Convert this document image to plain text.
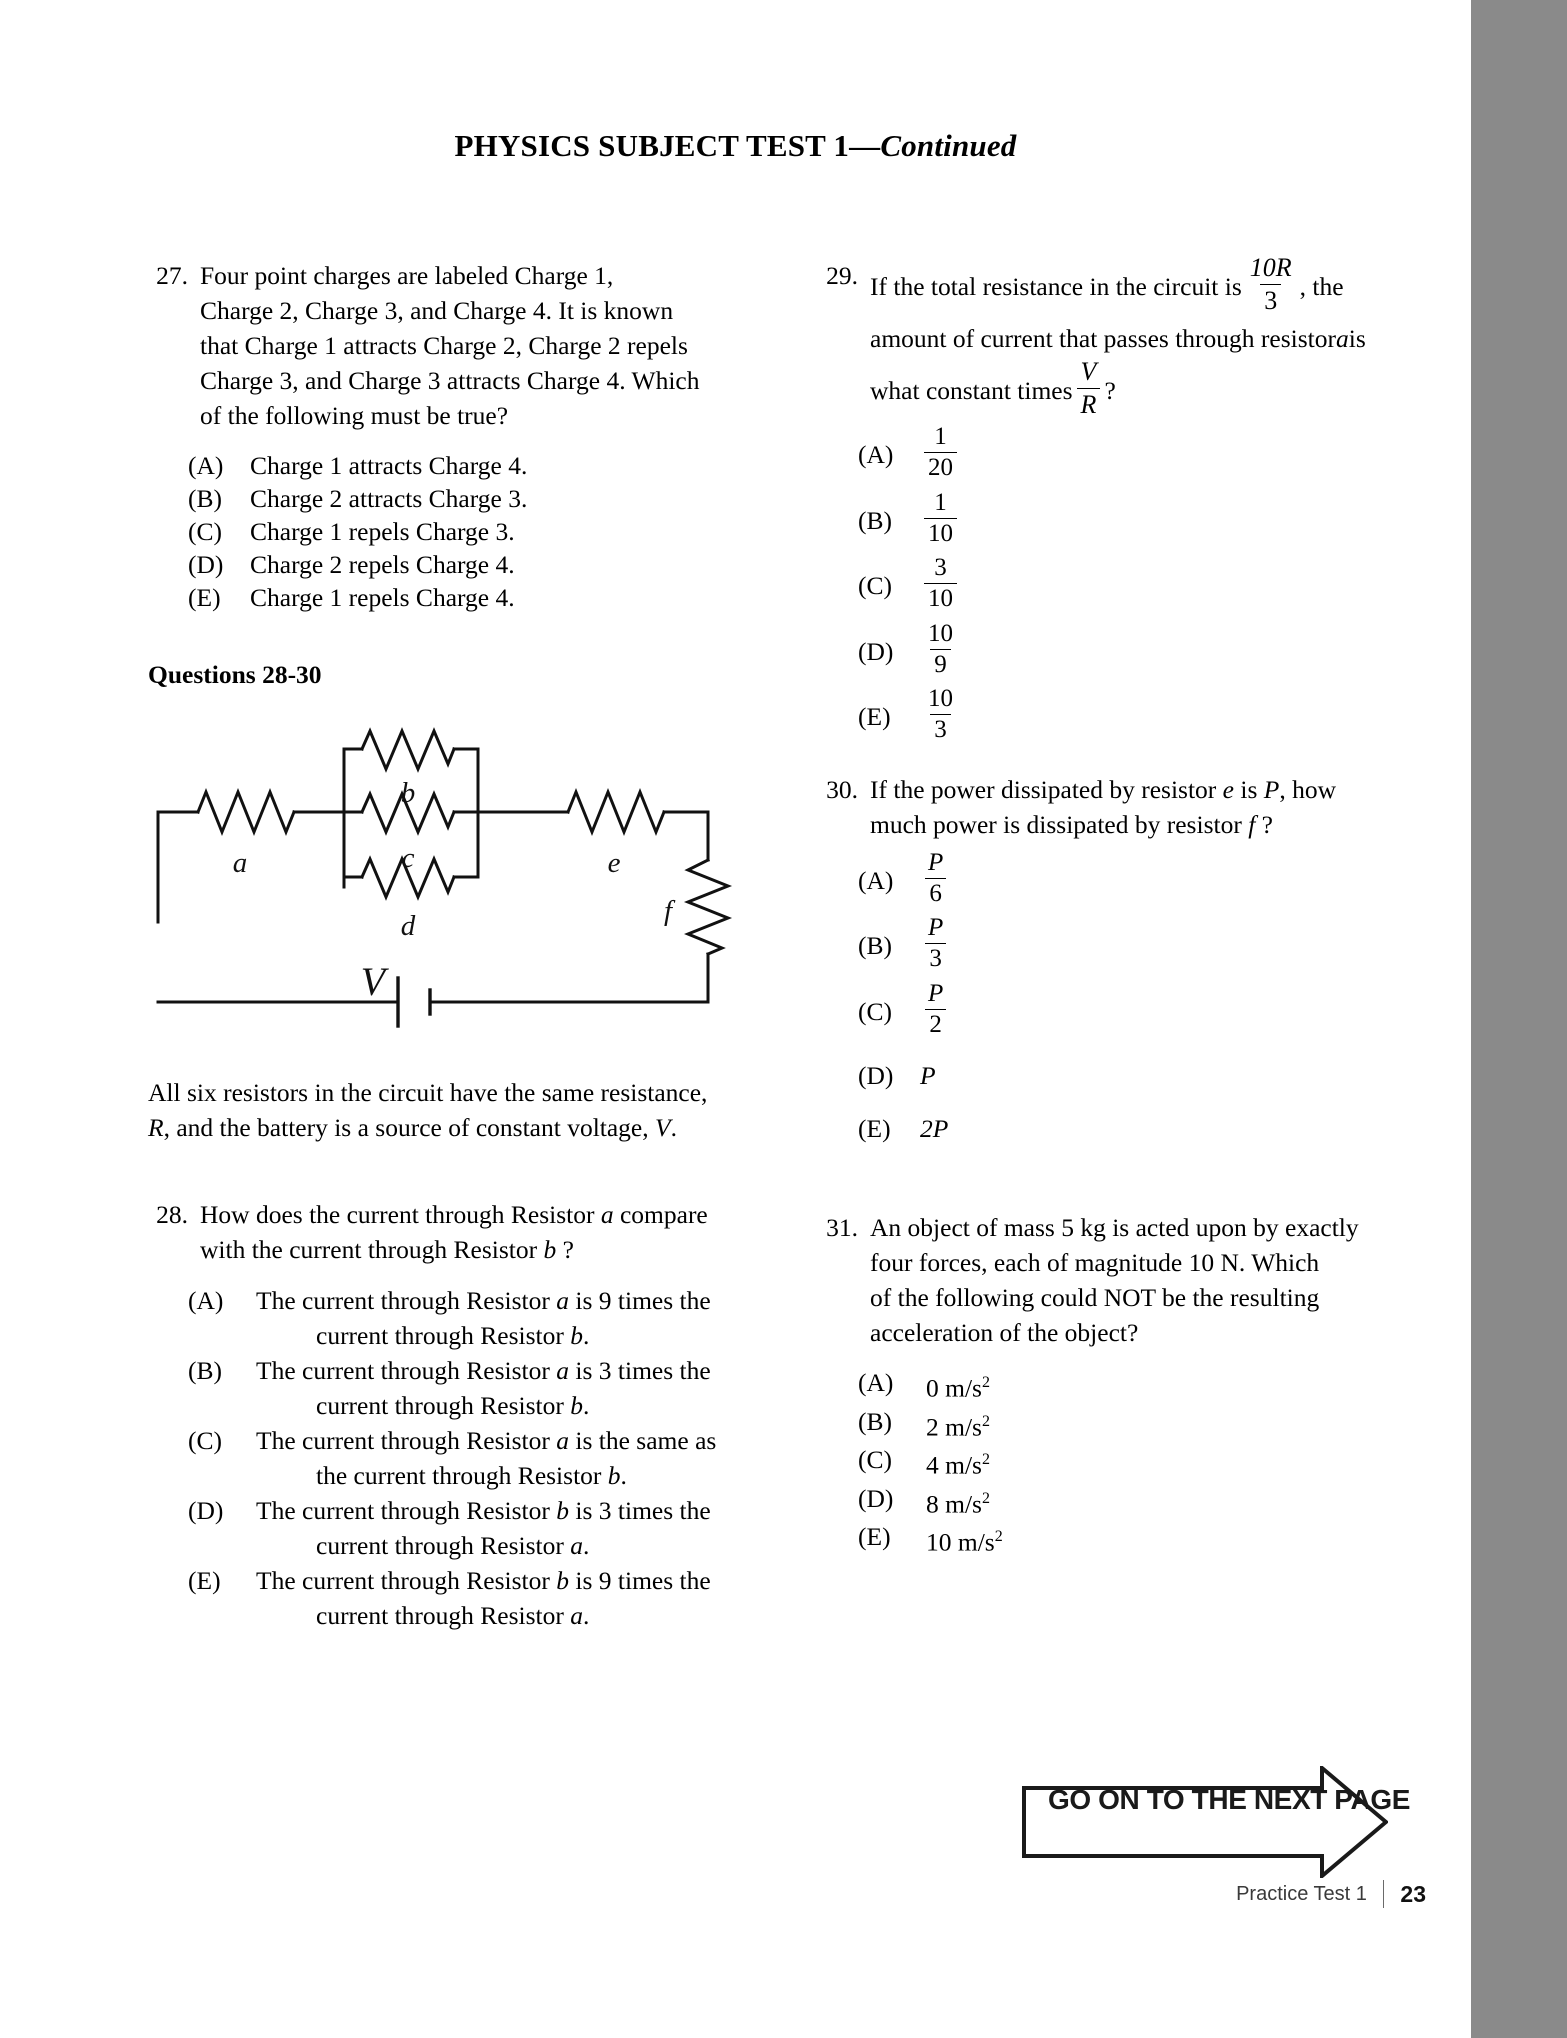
PHYSICS SUBJECT TEST 1—Continued
27. Four point charges are labeled Charge 1,
Charge 2, Charge 3, and Charge 4. It is known
that Charge 1 attracts Charge 2, Charge 2 repels
Charge 3, and Charge 3 attracts Charge 4. Which
of the following must be true?
(A)	Charge 1 attracts Charge 4.
(B)	Charge 2 attracts Charge 3.
(C)	Charge 1 repels Charge 3.
(D)	Charge 2 repels Charge 4.
(E)	Charge 1 repels Charge 4.
Questions 28-30
a
b
c
d
e
f
V
All six resistors in the circuit have the same resistance,
R, and the battery is a source of constant voltage, V.
28. How does the current through Resistor a compare
with the current through Resistor b ?
(A)	The current through Resistor a is 9 times the
current through Resistor b.
(B)	The current through Resistor a is 3 times the
current through Resistor b.
(C)	The current through Resistor a is the same as
the current through Resistor b.
(D)	The current through Resistor b is 3 times the
current through Resistor a.
(E)	The current through Resistor b is 9 times the
current through Resistor a.
29. If the total resistance in the circuit is $\frac{10R}{3}$ , the
amount of current that passes through resistor a is
what constant times $\frac{V}{R}$ ?
(A)	$\frac{1}{20}$
(B)	$\frac{1}{10}$
(C)	$\frac{3}{10}$
(D)	$\frac{10}{9}$
(E)	$\frac{10}{3}$
30. If the power dissipated by resistor e is P, how
much power is dissipated by resistor f ?
(A)	$\frac{P}{6}$
(B)	$\frac{P}{3}$
(C)	$\frac{P}{2}$
(D)	P
(E)	2P
31. An object of mass 5 kg is acted upon by exactly
four forces, each of magnitude 10 N. Which
of the following could NOT be the resulting
acceleration of the object?
(A)	0 $m/s^2$
(B)	2 $m/s^2$
(C)	4 $m/s^2$
(D)	8 $m/s^2$
(E)	10 $m/s^2$
GO ON TO THE NEXT PAGE
Practice Test 1 23
